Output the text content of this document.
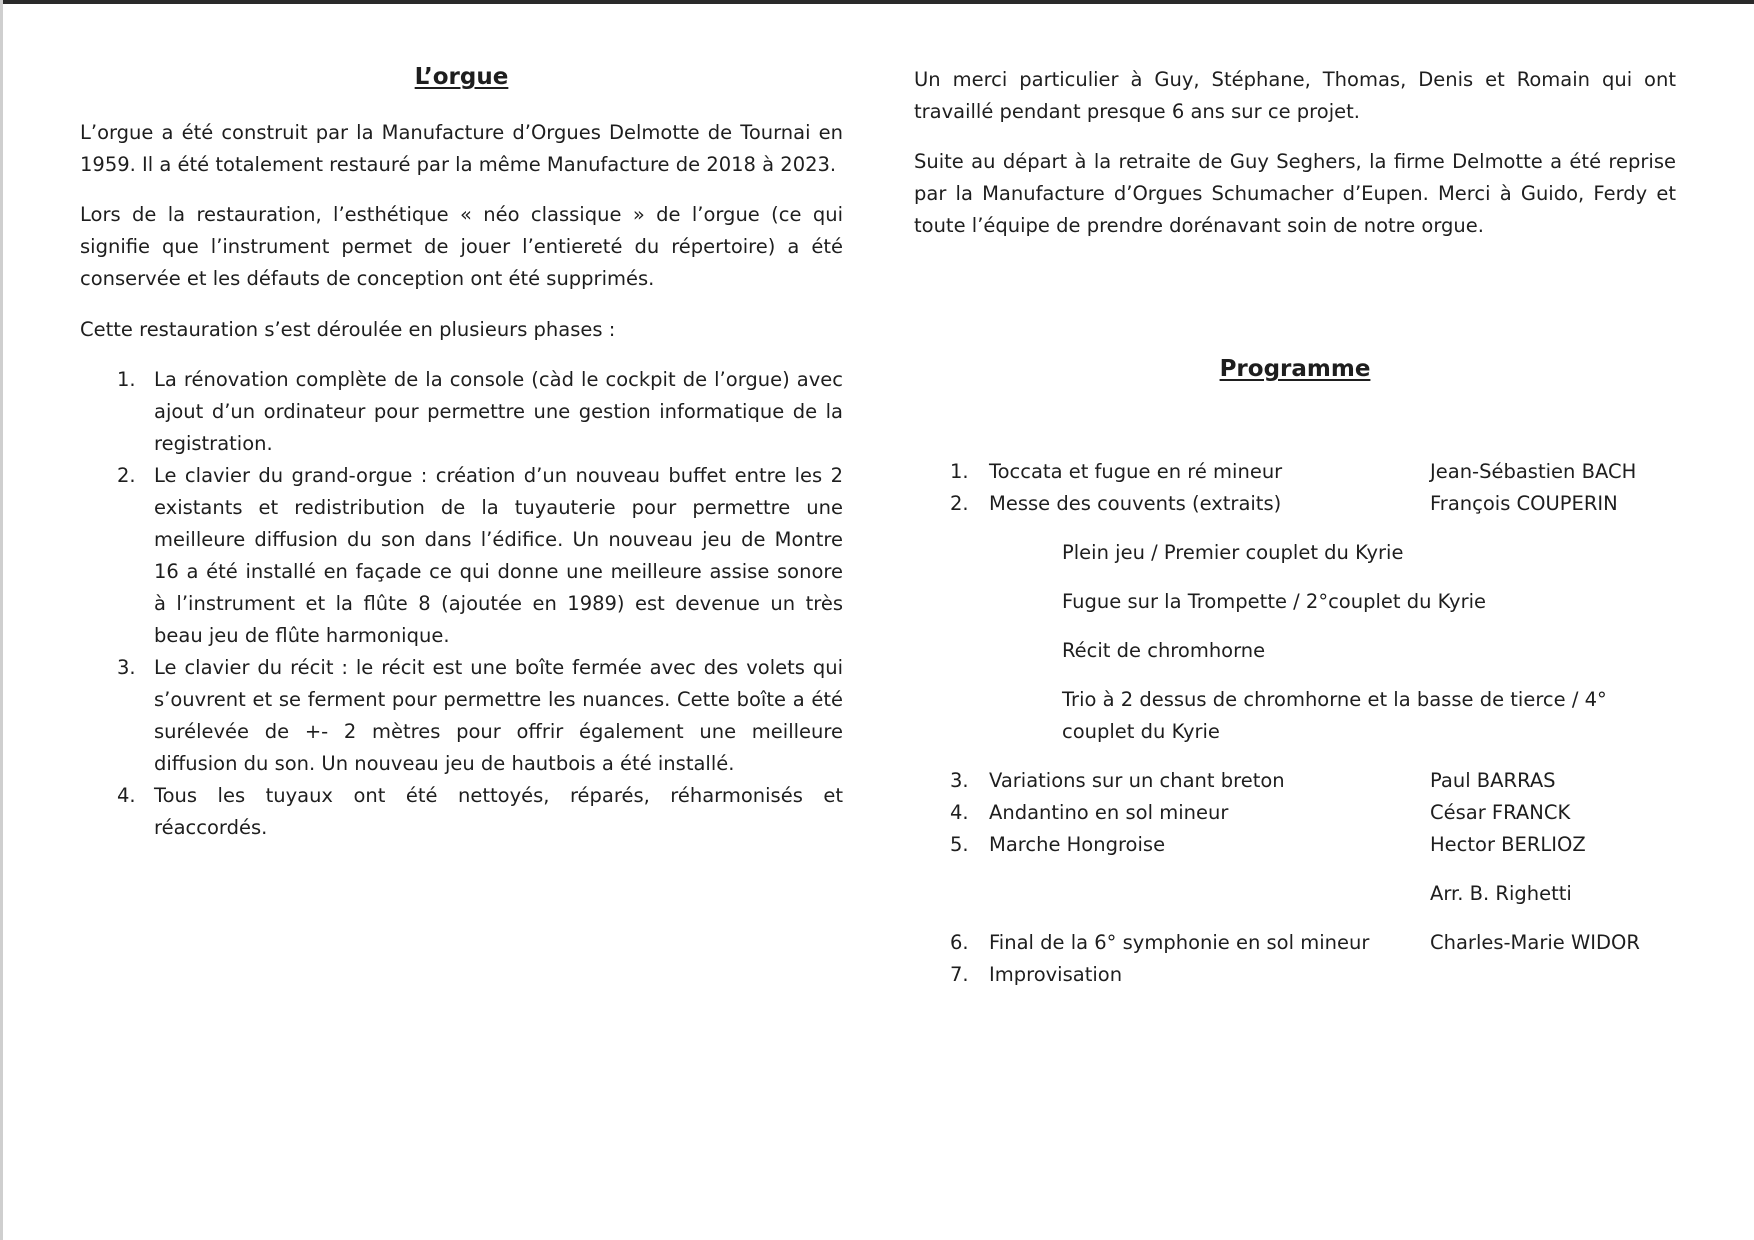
L’orgue

L’orgue a été construit par la Manufacture d’Orgues Delmotte de Tournai en 1959. Il a été totalement restauré par la même Manufacture de 2018 à 2023.

Lors de la restauration, l’esthétique « néo classique » de l’orgue (ce qui signifie que l’instrument permet de jouer l’entiereté du répertoire) a été conservée et les défauts de conception ont été supprimés.

Cette restauration s’est déroulée en plusieurs phases :

1. La rénovation complète de la console (càd le cockpit de l’orgue) avec ajout d’un ordinateur pour permettre une gestion informatique de la registration.
2. Le clavier du grand-orgue : création d’un nouveau buffet entre les 2 existants et redistribution de la tuyauterie pour permettre une meilleure diffusion du son dans l’édifice. Un nouveau jeu de Montre 16 a été installé en façade ce qui donne une meilleure assise sonore à l’instrument et la flûte 8 (ajoutée en 1989) est devenue un très beau jeu de flûte harmonique.
3. Le clavier du récit : le récit est une boîte fermée avec des volets qui s’ouvrent et se ferment pour permettre les nuances. Cette boîte a été surélevée de +- 2 mètres pour offrir également une meilleure diffusion du son. Un nouveau jeu de hautbois a été installé.
4. Tous les tuyaux ont été nettoyés, réparés, réharmonisés et réaccordés.

Un merci particulier à Guy, Stéphane, Thomas, Denis et Romain qui ont travaillé pendant presque 6 ans sur ce projet.

Suite au départ à la retraite de Guy Seghers, la firme Delmotte a été reprise par la Manufacture d’Orgues Schumacher d’Eupen. Merci à Guido, Ferdy et toute l’équipe de prendre dorénavant soin de notre orgue.

Programme
1. Toccata et fugue en ré mineur	Jean-Sébastien BACH
2. Messe des couvents (extraits)	François COUPERIN
Plein jeu / Premier couplet du Kyrie
Fugue sur la Trompette / 2°couplet du Kyrie
Récit de chromhorne
Trio à 2 dessus de chromhorne et la basse de tierce / 4° couplet du Kyrie
3. Variations sur un chant breton	Paul BARRAS
4. Andantino en sol mineur	César FRANCK
5. Marche Hongroise	Hector BERLIOZ
Arr. B. Righetti
6. Final de la 6° symphonie en sol mineur	Charles-Marie WIDOR
7. Improvisation
